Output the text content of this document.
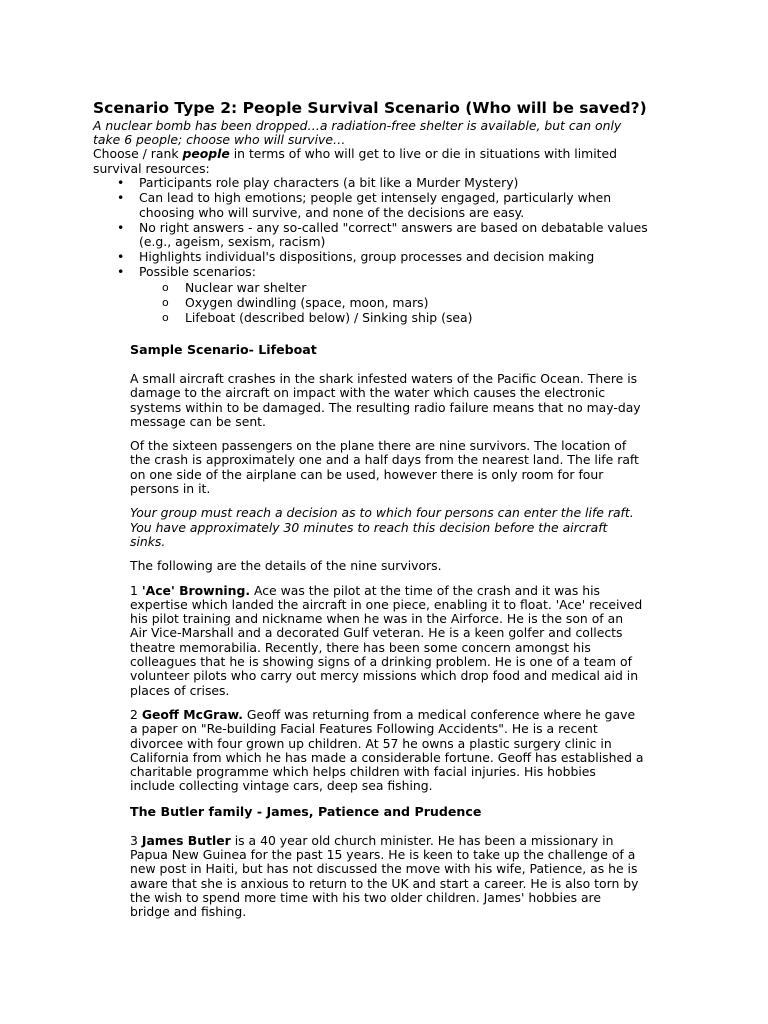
Scenario Type 2: People Survival Scenario (Who will be saved?)

A nuclear bomb has been dropped…a radiation-free shelter is available, but can only
take 6 people; choose who will survive…

Choose / rank people in terms of who will get to live or die in situations with limited
survival resources:

• Participants role play characters (a bit like a Murder Mystery)
• Can lead to high emotions; people get intensely engaged, particularly when
choosing who will survive, and none of the decisions are easy.
• No right answers - any so-called "correct" answers are based on debatable values
(e.g., ageism, sexism, racism)
• Highlights individual's dispositions, group processes and decision making
• Possible scenarios:
o Nuclear war shelter
o Oxygen dwindling (space, moon, mars)
o Lifeboat (described below) / Sinking ship (sea)
Sample Scenario- Lifeboat

A small aircraft crashes in the shark infested waters of the Pacific Ocean. There is
damage to the aircraft on impact with the water which causes the electronic
systems within to be damaged. The resulting radio failure means that no may-day
message can be sent.

Of the sixteen passengers on the plane there are nine survivors. The location of
the crash is approximately one and a half days from the nearest land. The life raft
on one side of the airplane can be used, however there is only room for four
persons in it.

Your group must reach a decision as to which four persons can enter the life raft.
You have approximately 30 minutes to reach this decision before the aircraft
sinks.

The following are the details of the nine survivors.

1 'Ace' Browning. Ace was the pilot at the time of the crash and it was his
expertise which landed the aircraft in one piece, enabling it to float. 'Ace' received
his pilot training and nickname when he was in the Airforce. He is the son of an
Air Vice-Marshall and a decorated Gulf veteran. He is a keen golfer and collects
theatre memorabilia. Recently, there has been some concern amongst his
colleagues that he is showing signs of a drinking problem. He is one of a team of
volunteer pilots who carry out mercy missions which drop food and medical aid in
places of crises.

2 Geoff McGraw. Geoff was returning from a medical conference where he gave
a paper on "Re-building Facial Features Following Accidents". He is a recent
divorcee with four grown up children. At 57 he owns a plastic surgery clinic in
California from which he has made a considerable fortune. Geoff has established a
charitable programme which helps children with facial injuries. His hobbies
include collecting vintage cars, deep sea fishing.

The Butler family - James, Patience and Prudence

3 James Butler is a 40 year old church minister. He has been a missionary in
Papua New Guinea for the past 15 years. He is keen to take up the challenge of a
new post in Haiti, but has not discussed the move with his wife, Patience, as he is
aware that she is anxious to return to the UK and start a career. He is also torn by
the wish to spend more time with his two older children. James' hobbies are
bridge and fishing.
